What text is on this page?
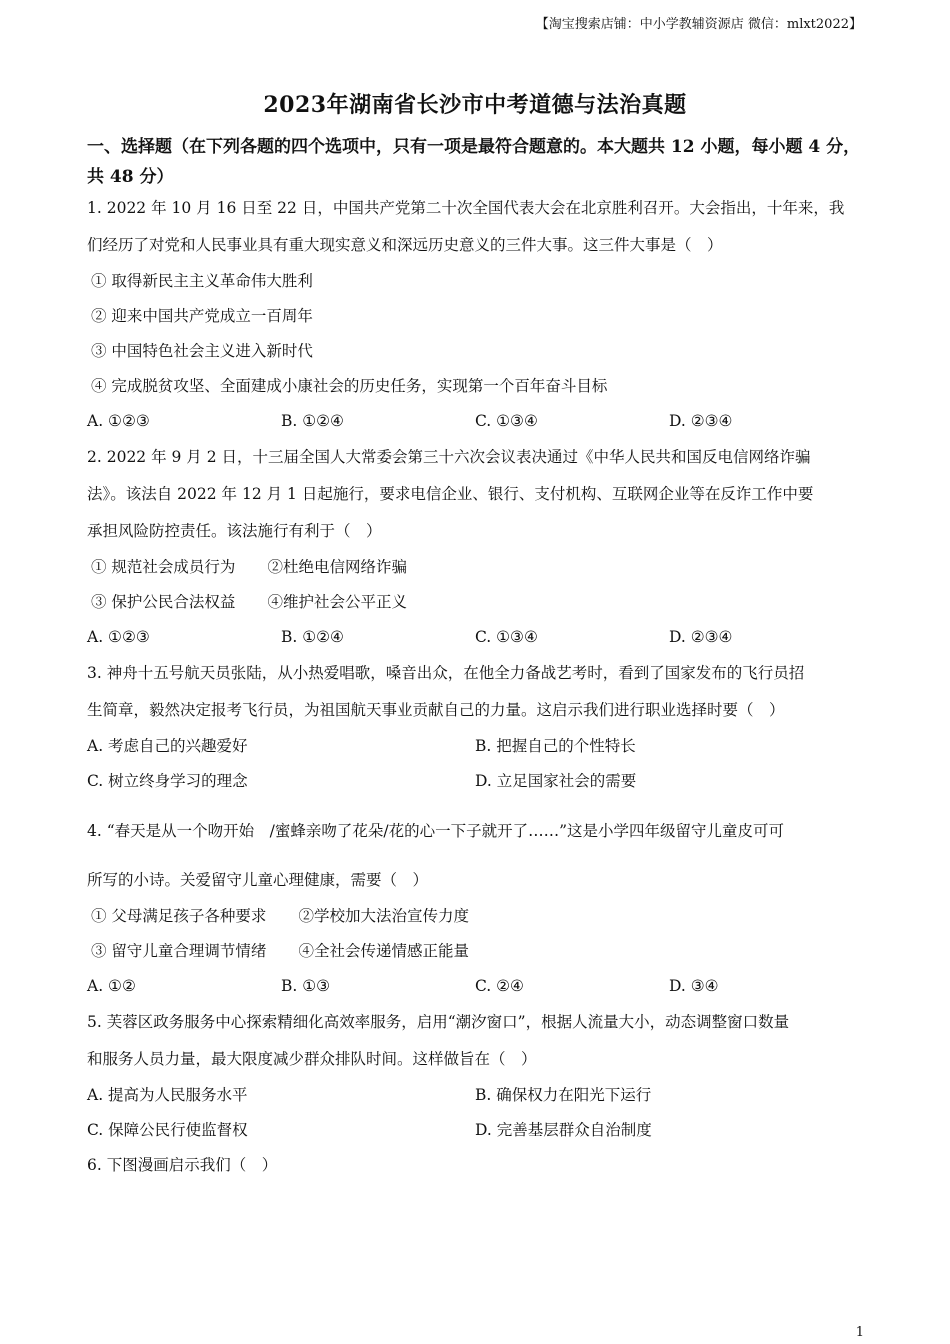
【淘宝搜索店铺：中小学教辅资源店 微信：mlxt2022】
2023年湖南省长沙市中考道德与法治真题
一、选择题（在下列各题的四个选项中，只有一项是最符合题意的。本大题共 12 小题，每小题 4 分，共 48 分）
1. 2022 年 10 月 16 日至 22 日，中国共产党第二十次全国代表大会在北京胜利召开。大会指出，十年来，我
们经历了对党和人民事业具有重大现实意义和深远历史意义的三件大事。这三件大事是（　）
① 取得新民主主义革命伟大胜利
② 迎来中国共产党成立一百周年
③ 中国特色社会主义进入新时代
④ 完成脱贫攻坚、全面建成小康社会的历史任务，实现第一个百年奋斗目标
A. ①②③	B. ①②④	C. ①③④	D. ②③④
2. 2022 年 9 月 2 日，十三届全国人大常委会第三十六次会议表决通过《中华人民共和国反电信网络诈骗
法》。该法自 2022 年 12 月 1 日起施行，要求电信企业、银行、支付机构、互联网企业等在反诈工作中要
承担风险防控责任。该法施行有利于（　）
① 规范社会成员行为 ②杜绝电信网络诈骗
③ 保护公民合法权益 ④维护社会公平正义
A. ①②③	B. ①②④	C. ①③④	D. ②③④
3. 神舟十五号航天员张陆，从小热爱唱歌，嗓音出众，在他全力备战艺考时，看到了国家发布的飞行员招
生简章，毅然决定报考飞行员，为祖国航天事业贡献自己的力量。这启示我们进行职业选择时要（　）
A. 考虑自己的兴趣爱好	B. 把握自己的个性特长
C. 树立终身学习的理念	D. 立足国家社会的需要
4. “春天是从一个吻开始　/蜜蜂亲吻了花朵/花的心一下子就开了……”这是小学四年级留守儿童皮可可
所写的小诗。关爱留守儿童心理健康，需要（　）
① 父母满足孩子各种要求 ②学校加大法治宣传力度
③ 留守儿童合理调节情绪 ④全社会传递情感正能量
A. ①②	B. ①③	C. ②④	D. ③④
5. 芙蓉区政务服务中心探索精细化高效率服务，启用“潮汐窗口”，根据人流量大小，动态调整窗口数量
和服务人员力量，最大限度减少群众排队时间。这样做旨在（　）
A. 提高为人民服务水平	B. 确保权力在阳光下运行
C. 保障公民行使监督权	D. 完善基层群众自治制度
6. 下图漫画启示我们（　）
1
